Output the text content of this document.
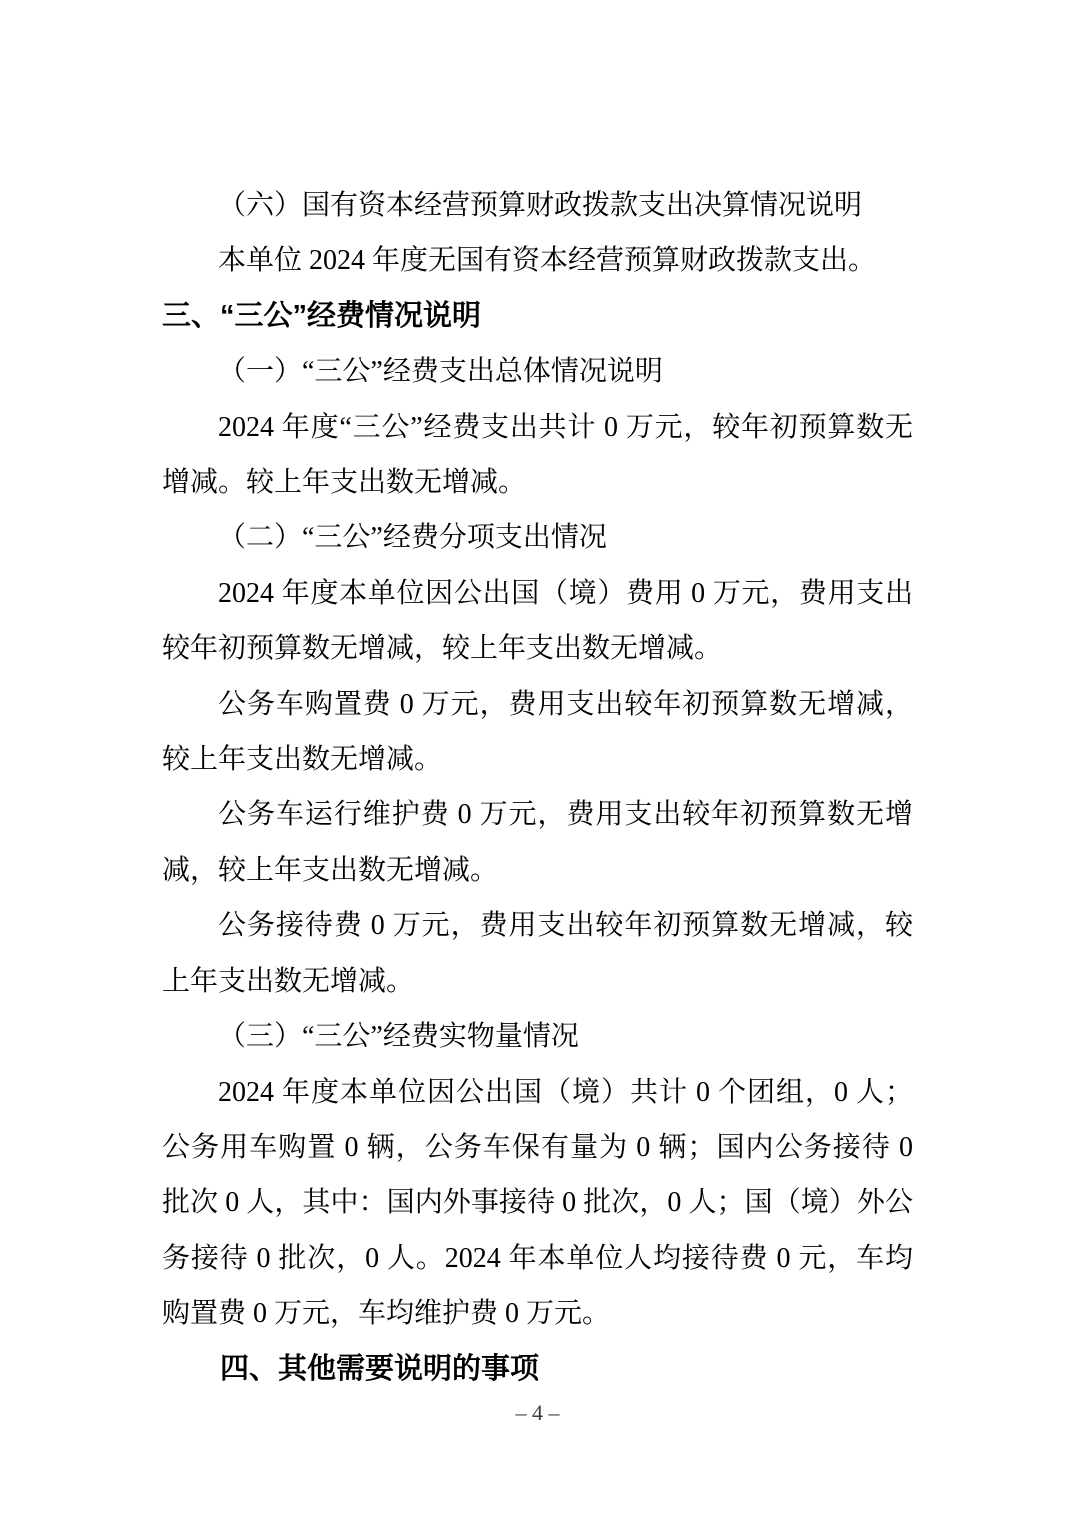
（六）国有资本经营预算财政拨款支出决算情况说明

本单位 2024 年度无国有资本经营预算财政拨款支出。

三、“三公”经费情况说明

（一）“三公”经费支出总体情况说明

2024 年度“三公”经费支出共计 0 万元，较年初预算数无增减。较上年支出数无增减。

（二）“三公”经费分项支出情况

2024 年度本单位因公出国（境）费用 0 万元，费用支出较年初预算数无增减，较上年支出数无增减。

公务车购置费 0 万元，费用支出较年初预算数无增减，较上年支出数无增减。

公务车运行维护费 0 万元，费用支出较年初预算数无增减，较上年支出数无增减。

公务接待费 0 万元，费用支出较年初预算数无增减，较上年支出数无增减。

（三）“三公”经费实物量情况

2024 年度本单位因公出国（境）共计 0 个团组，0 人；公务用车购置 0 辆，公务车保有量为 0 辆；国内公务接待 0 批次 0 人，其中：国内外事接待 0 批次，0 人；国（境）外公务接待 0 批次，0 人。2024 年本单位人均接待费 0 元，车均购置费 0 万元，车均维护费 0 万元。

四、其他需要说明的事项

– 4 –
